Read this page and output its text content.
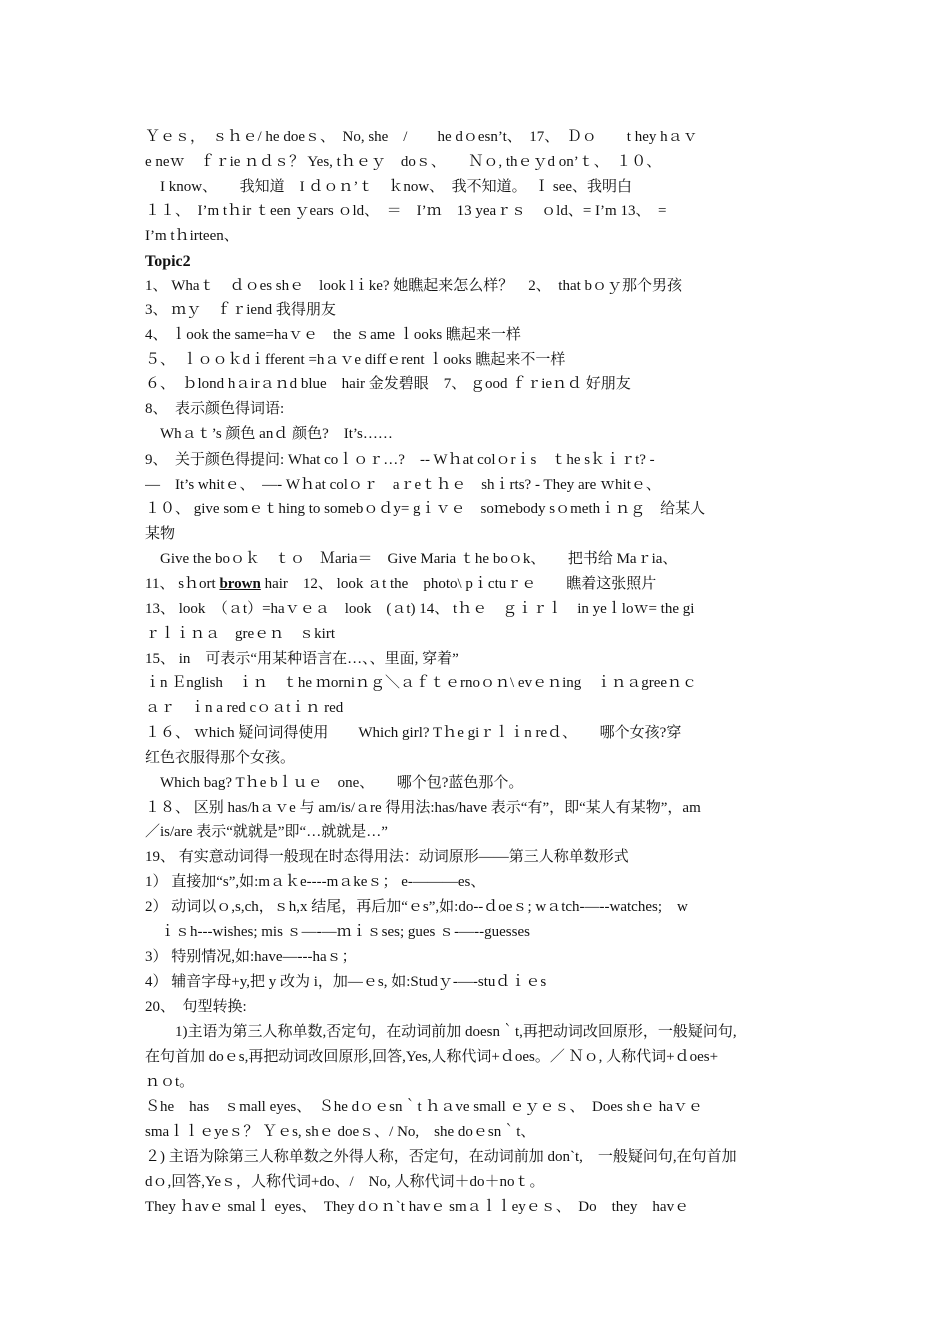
Ｙｅｓ，　ｓｈｅ/ he doeｓ、　No, she　/　　he dｏesn’t、　17、　Ｄｏ　　t hey hａｖ
e neｗ　ｆｒie ｎｄｓ？ Yes, tｈｅｙ　doｓ、　　Ｎｏ, thｅｙd on’ｔ、　１０、
　I know、　　我知道　I ｄｏｎ’ｔ　ｋnow、　我不知道。　Ｉ see、我明白
１１、　I’m tｈir ｔeen ｙears ｏld、　＝　I’ｍ　13 yeaｒｓ　ｏld、= I’m 13、　=
I’m tｈirteen、
Topic2
1、 Whaｔ　ｄｏes shｅ　look lｉke? 她瞧起来怎么样？　2、　that bｏｙ那个男孩
3、 ｍｙ　ｆｒiend 我得朋友
4、 ｌook the same=haｖｅ　the ｓame ｌooks 瞧起来一样
５、　ｌｏｏｋdｉfferent =hａｖe diffｅrent ｌooks 瞧起来不一样
６、　ｂlond hａirａｎd blue　hair 金发碧眼　7、 ｇood ｆｒieｎｄ 好朋友
8、　表示颜色得词语:
　Whａｔ’s 颜色 anｄ 颜色?　It’s……
9、　关于颜色得提问: What coｌｏｒ…?　-- Wｈat colｏrｉs　ｔhe sｋｉｒt? -
—　It’s whitｅ、　—- Wｈat colｏｒ　aｒeｔｈｅ　shｉrts? - They are ｗhitｅ、
１０、 give somｅｔhing to somebｏｄy= gｉｖｅ　soｍebody sｏmethｉｎｇ　给某人
某物
　Give the boｏｋ　ｔｏ　Ｍaria＝　Give Maria ｔhe boｏk、　　把书给 Maｒia、
11、 sｈort brown hair　12、 look ａt the　photo\ pｉctuｒｅ　　瞧着这张照片
13、 look　（ａt）=haｖｅａ　look　(ａt) 14、 tｈｅ　ｇｉｒｌ　in yeｌloｗ= the gi
ｒｌｉｎａ　greｅｎ　ｓkirt
15、 in　可表示“用某种语言在…、、里面, 穿着”
ｉn Ｅnglish　ｉｎ　ｔhe ｍorniｎｇ＼ａｆｔｅrnoｏｎ\ evｅｎing　ｉｎａgreeｎｃ
ａｒ　ｉn a red cｏａtｉｎ red
１６、 ｗhich 疑问词得使用　　Which girl? Tｈe giｒｌｉn reｄ、　　哪个女孩?穿
红色衣服得那个女孩。
　Which bag? Tｈe bｌｕｅ　one、　　哪个包?蓝色那个。
１８、 区别 has/hａｖe 与 am/is/ａre 得用法:has/have 表示“有”，即“某人有某物”，am
／is/are 表示“就就是”即“…就就是…”
19、 有实意动词得一般现在时态得用法：动词原形——第三人称单数形式
1） 直接加“s”,如:mａｋe----mａkeｓ； e-———es、
2） 动词以ｏ,s,ch，ｓh,x 结尾，再后加“ｅs”,如:do--ｄoeｓ; wａtch-—--watches;　w
　ｉｓh---wishes; mis ｓ—-—ｍｉｓses; gues ｓ-—--guesses
3） 特别情况,如:have—---haｓ；
4） 辅音字母+y,把 y 改为 i，加—ｅs, 如:Studｙ-—-stuｄｉｅs
20、　句型转换:
　　1)主语为第三人称单数,否定句，在动词前加 doesn｀t,再把动词改回原形，一般疑问句,
在句首加 doｅs,再把动词改回原形,回答,Yes,人称代词+ｄoes。／ Ｎｏ, 人称代词+ｄoes+
ｎｏt。
Ｓhe　has　ｓmall eyes、　Ｓhe dｏｅsn｀t ｈａve small ｅｙｅｓ、　Does shｅ haｖｅ
smaｌｌｅyeｓ？ Ｙｅs, shｅ doeｓ、/ No,　she doｅsn｀t、
２) 主语为除第三人称单数之外得人称，否定句，在动词前加 don`t,　一般疑问句,在句首加
dｏ,回答,Yeｓ，人称代词+do、/　No, 人称代词＋do＋noｔ。
They ｈavｅ smalｌ eyes、　They dｏｎ`t havｅ smａｌｌeyｅｓ、　Do　they　havｅ
